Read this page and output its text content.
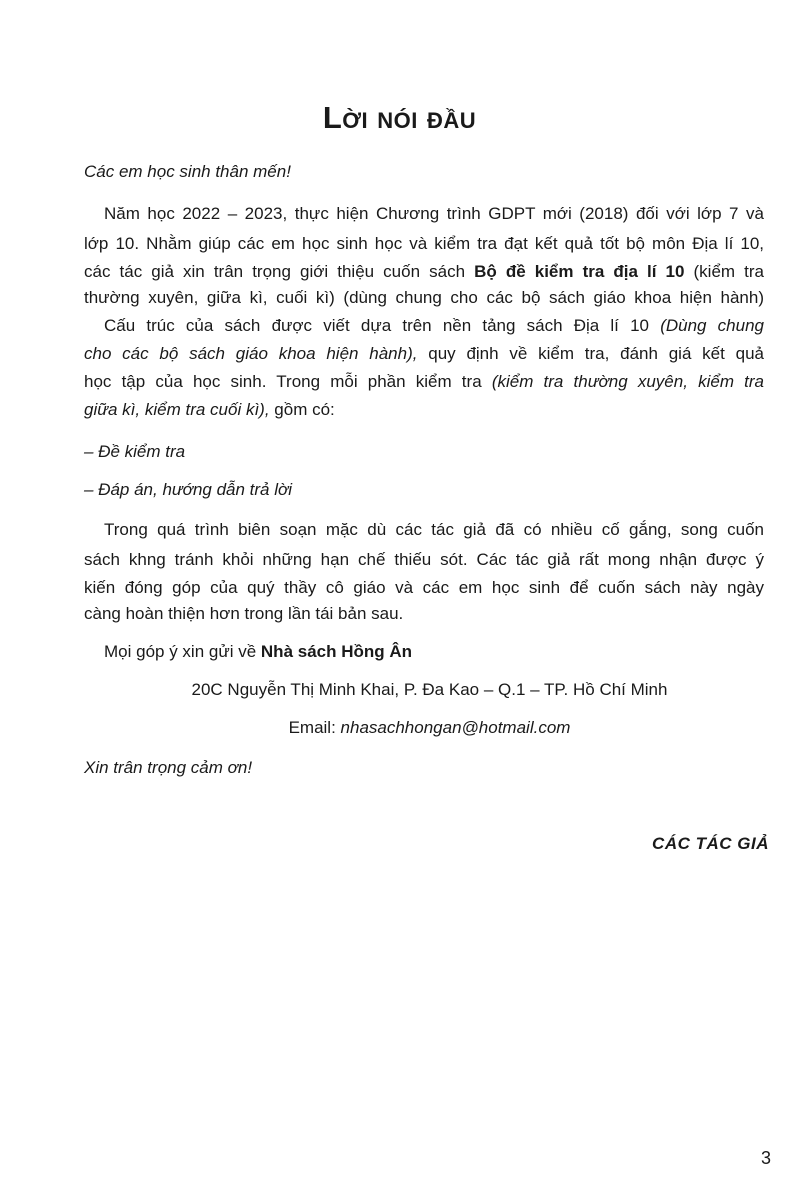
Lời nói đầu

Các em học sinh thân mến!

Năm học 2022 – 2023, thực hiện Chương trình GDPT mới (2018) đối với lớp 7 và

lớp 10. Nhằm giúp các em học sinh học và kiểm tra đạt kết quả tốt bộ môn Địa lí 10,

các tác giả xin trân trọng giới thiệu cuốn sách Bộ đề kiểm tra địa lí 10 (kiểm tra

thường xuyên, giữa kì, cuối kì) (dùng chung cho các bộ sách giáo khoa hiện hành)

Cấu trúc của sách được viết dựa trên nền tảng sách Địa lí 10 (Dùng chung

cho các bộ sách giáo khoa hiện hành), quy định về kiểm tra, đánh giá kết quả

học tập của học sinh. Trong mỗi phần kiểm tra (kiểm tra thường xuyên, kiểm tra

giữa kì, kiểm tra cuối kì), gồm có:

– Đề kiểm tra

– Đáp án, hướng dẫn trả lời

Trong quá trình biên soạn mặc dù các tác giả đã có nhiều cố gắng, song cuốn

sách khng tránh khỏi những hạn chế thiếu sót. Các tác giả rất mong nhận được ý

kiến đóng góp của quý thầy cô giáo và các em học sinh để cuốn sách này ngày

càng hoàn thiện hơn trong lần tái bản sau.

Mọi góp ý xin gửi về Nhà sách Hồng Ân

20C Nguyễn Thị Minh Khai, P. Đa Kao – Q.1 – TP. Hồ Chí Minh

Email: nhasachhongan@hotmail.com

Xin trân trọng cảm ơn!

CÁC TÁC GIẢ

3
